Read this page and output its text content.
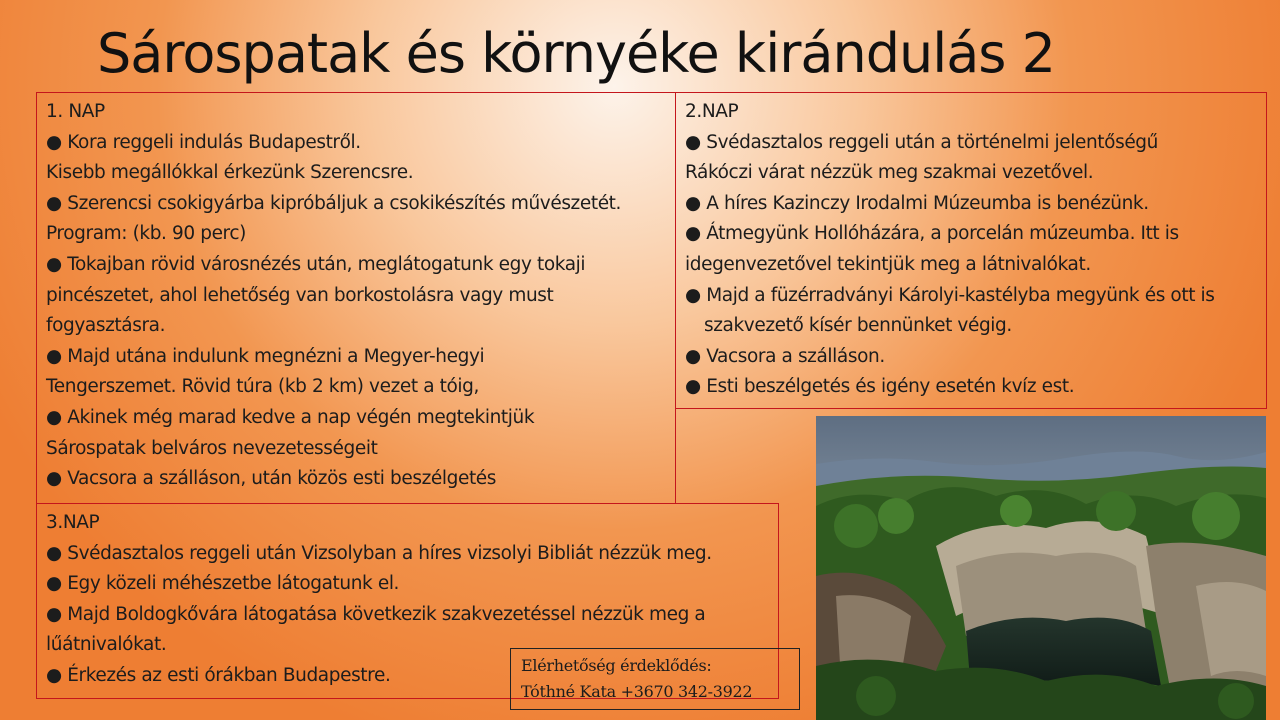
Sárospatak és környéke kirándulás 2
1. NAP
● Kora reggeli indulás Budapestről.
Kisebb megállókkal érkezünk Szerencsre.
● Szerencsi csokigyárba kipróbáljuk a csokikészítés művészetét.
Program: (kb. 90 perc)
● Tokajban rövid városnézés után, meglátogatunk egy tokaji
pincészetet, ahol lehetőség van borkostolásra vagy must
fogyasztásra.
● Majd utána indulunk megnézni a Megyer-hegyi
Tengerszemet. Rövid túra (kb 2 km) vezet a tóig,
● Akinek még marad kedve a nap végén megtekintjük
Sárospatak belváros nevezetességeit
● Vacsora a szálláson, után közös esti beszélgetés
2.NAP
● Svédasztalos reggeli után a történelmi jelentőségű
Rákóczi várat nézzük meg szakmai vezetővel.
● A híres Kazinczy Irodalmi Múzeumba is benézünk.
● Átmegyünk Hollóházára, a porcelán múzeumba. Itt is
idegenvezetővel tekintjük meg a látnivalókat.
● Majd a füzérradványi Károlyi-kastélyba megyünk és ott is
szakvezető kísér bennünket végig.
● Vacsora a szálláson.
● Esti beszélgetés és igény esetén kvíz est.
3.NAP
● Svédasztalos reggeli után Vizsolyban a híres vizsolyi Bibliát nézzük meg.
● Egy közeli méhészetbe látogatunk el.
● Majd Boldogkővára látogatása következik szakvezetéssel nézzük meg a
lűátnivalókat.
● Érkezés az esti órákban Budapestre.	Elérhetőség érdeklődés:
Tóthné Kata +3670 342-3922
